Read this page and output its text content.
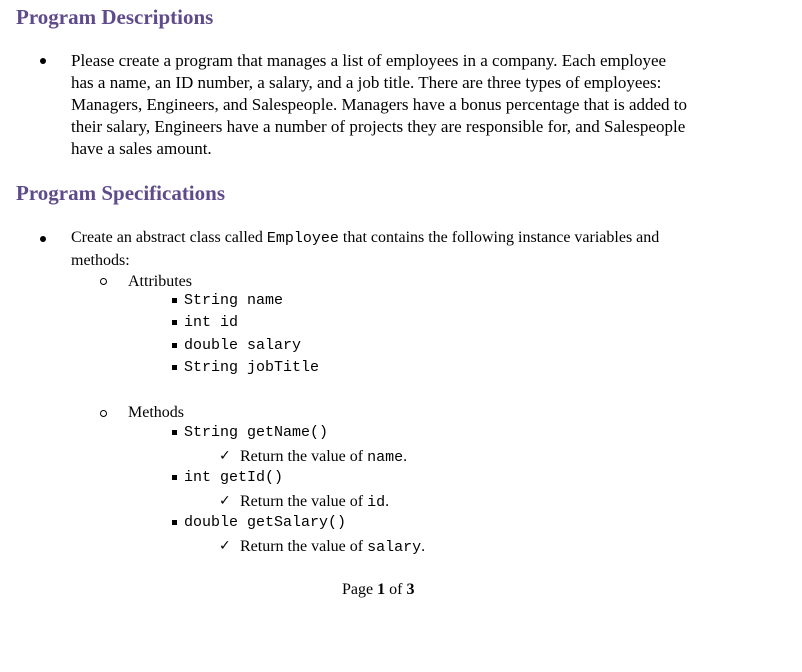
Program Descriptions
Please create a program that manages a list of employees in a company. Each employee
has a name, an ID number, a salary, and a job title. There are three types of employees:
Managers, Engineers, and Salespeople. Managers have a bonus percentage that is added to
their salary, Engineers have a number of projects they are responsible for, and Salespeople
have a sales amount.
Program Specifications
Create an abstract class called Employee that contains the following instance variables and
methods:
Attributes
String name
int id
double salary
String jobTitle
Methods
String getName()
✓ Return the value of name.
int getId()
✓ Return the value of id.
double getSalary()
✓ Return the value of salary.
Page 1 of 3
